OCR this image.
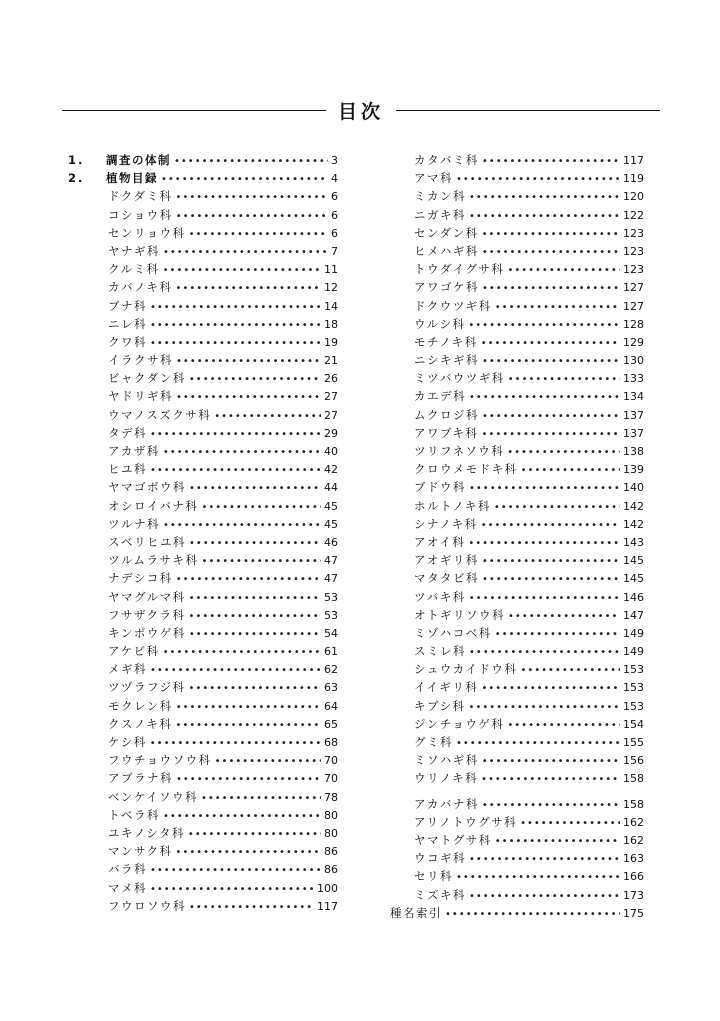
目次
1.	調査の体制 •••••	3
2.	植物目録 •••••	4
ドクダミ科 •••••	6
コショウ科 •••••	6
センリョウ科 •••••	6
ヤナギ科 •••••	7
クルミ科 •••••	11
カバノキ科 •••••	12
ブナ科 •••••	14
ニレ科 •••••	18
クワ科 •••••	19
イラクサ科 •••••	21
ビャクダン科 •••••	26
ヤドリギ科 •••••	27
ウマノスズクサ科 •••••	27
タデ科 •••••	29
アカザ科 •••••	40
ヒユ科 •••••	42
ヤマゴボウ科 •••••	44
オシロイバナ科 •••••	45
ツルナ科 •••••	45
スベリヒユ科 •••••	46
ツルムラサキ科 •••••	47
ナデシコ科 •••••	47
ヤマグルマ科 •••••	53
フサザクラ科 •••••	53
キンポウゲ科 •••••	54
アケビ科 •••••	61
メギ科 •••••	62
ツヅラフジ科 •••••	63
モクレン科 •••••	64
クスノキ科 •••••	65
ケシ科 •••••	68
フウチョウソウ科 •••••	70
アブラナ科 •••••	70
ベンケイソウ科 •••••	78
トベラ科 •••••	80
ユキノシタ科 •••••	80
マンサク科 •••••	86
バラ科 •••••	86
マメ科 •••••	100
フウロソウ科 •••••	117
カタバミ科 •••••	117
アマ科 •••••	119
ミカン科 •••••	120
ニガキ科 •••••	122
センダン科 •••••	123
ヒメハギ科 •••••	123
トウダイグサ科 •••••	123
アワゴケ科 •••••	127
ドクウツギ科 •••••	127
ウルシ科 •••••	128
モチノキ科 •••••	129
ニシキギ科 •••••	130
ミツバウツギ科 •••••	133
カエデ科 •••••	134
ムクロジ科 •••••	137
アワブキ科 •••••	137
ツリフネソウ科 •••••	138
クロウメモドキ科 •••••	139
ブドウ科 •••••	140
ホルトノキ科 •••••	142
シナノキ科 •••••	142
アオイ科 •••••	143
アオギリ科 •••••	145
マタタビ科 •••••	145
ツバキ科 •••••	146
オトギリソウ科 •••••	147
ミゾハコベ科 •••••	149
スミレ科 •••••	149
シュウカイドウ科 •••••	153
イイギリ科 •••••	153
キブシ科 •••••	153
ジンチョウゲ科 •••••	154
グミ科 •••••	155
ミソハギ科 •••••	156
ウリノキ科 •••••	158
アカバナ科 •••••	158
アリノトウグサ科 •••••	162
ヤマトグサ科 •••••	162
ウコギ科 •••••	163
セリ科 •••••	166
ミズキ科 •••••	173
種名索引 •••••	175
